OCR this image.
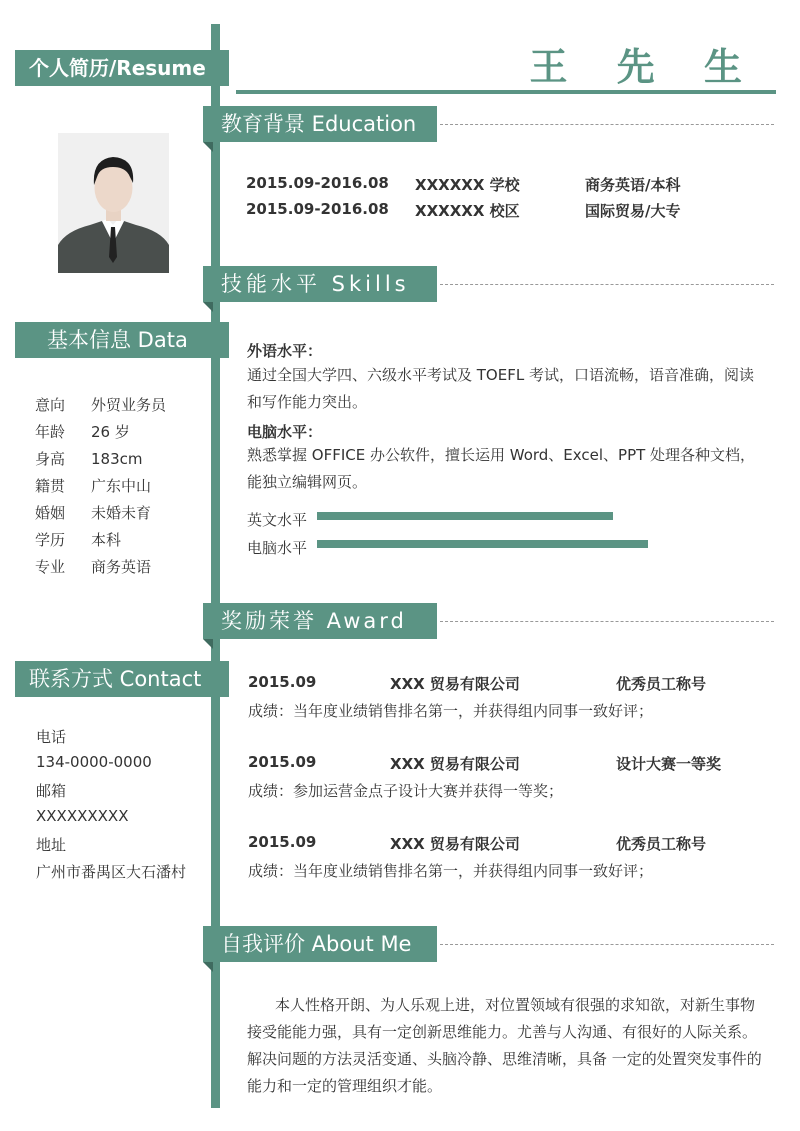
个人简历/Resume	王 先 生
基本信息 Data
意向 外贸业务员
年龄 26 岁
身高 183cm
籍贯 广东中山
婚姻 未婚未育
学历 本科
专业 商务英语
联系方式 Contact
电话
134-0000-0000
邮箱
XXXXXXXXX
地址
广州市番禺区大石潘村
教育背景 Education
2015.09-2016.08 XXXXXX 学校	商务英语/本科
2015.09-2016.08 XXXXXX 校区	国际贸易/大专
技能水平 Skills
外语水平：
通过全国大学四、六级水平考试及 TOEFL 考试，口语流畅，语音准确，阅读和写作能力突出。
电脑水平：
熟悉掌握 OFFICE 办公软件，擅长运用 Word、Excel、PPT 处理各种文档，能独立编辑网页。
英文水平
电脑水平
奖励荣誉 Award
2015.09	XXX 贸易有限公司	优秀员工称号
成绩：当年度业绩销售排名第一，并获得组内同事一致好评；
2015.09	XXX 贸易有限公司	设计大赛一等奖
成绩：参加运营金点子设计大赛并获得一等奖；
2015.09	XXX 贸易有限公司	优秀员工称号
成绩：当年度业绩销售排名第一，并获得组内同事一致好评；
自我评价 About Me
本人性格开朗、为人乐观上进，对位置领域有很强的求知欲，对新生事物接受能能力强，具有一定创新思维能力。尤善与人沟通、有很好的人际关系。解决问题的方法灵活变通、头脑冷静、思维清晰，具备 一定的处置突发事件的能力和一定的管理组织才能。
